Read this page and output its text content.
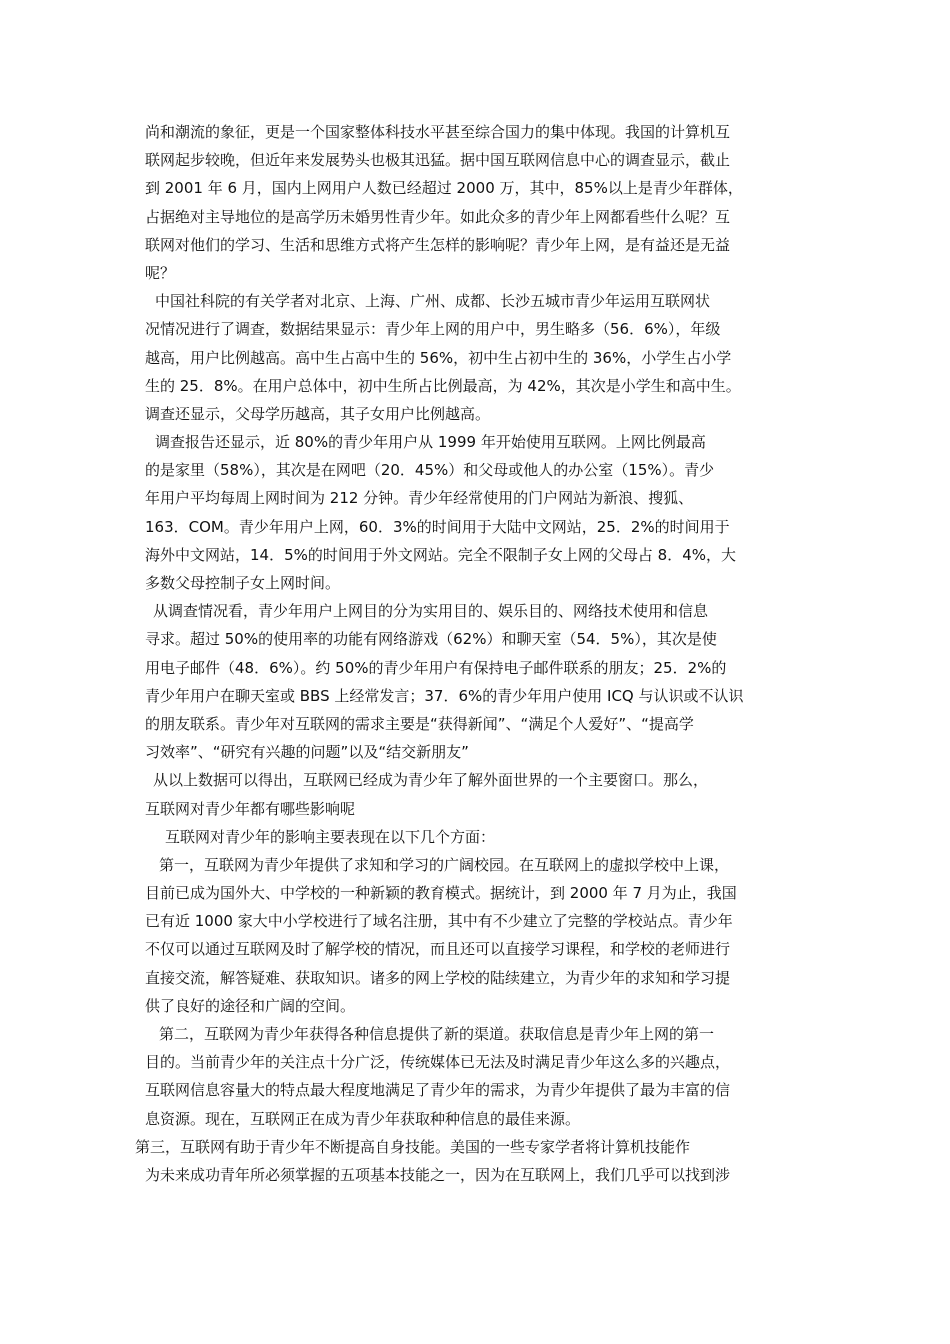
尚和潮流的象征，更是一个国家整体科技水平甚至综合国力的集中体现。我国的计算机互
联网起步较晚，但近年来发展势头也极其迅猛。据中国互联网信息中心的调查显示，截止
到 2001 年 6 月，国内上网用户人数已经超过 2000 万，其中，85%以上是青少年群体，
占据绝对主导地位的是高学历未婚男性青少年。如此众多的青少年上网都看些什么呢？互
联网对他们的学习、生活和思维方式将产生怎样的影响呢？青少年上网，是有益还是无益
呢？
中国社科院的有关学者对北京、上海、广州、成都、长沙五城市青少年运用互联网状
况情况进行了调查，数据结果显示：青少年上网的用户中，男生略多（56．6%），年级
越高，用户比例越高。高中生占高中生的 56%，初中生占初中生的 36%，小学生占小学
生的 25．8%。在用户总体中，初中生所占比例最高，为 42%，其次是小学生和高中生。
调查还显示，父母学历越高，其子女用户比例越高。
调查报告还显示，近 80%的青少年用户从 1999 年开始使用互联网。上网比例最高
的是家里（58%），其次是在网吧（20．45%）和父母或他人的办公室（15%）。青少
年用户平均每周上网时间为 212 分钟。青少年经常使用的门户网站为新浪、搜狐、
163．COM。青少年用户上网，60．3%的时间用于大陆中文网站，25．2%的时间用于
海外中文网站，14．5%的时间用于外文网站。完全不限制子女上网的父母占 8．4%，大
多数父母控制子女上网时间。
从调查情况看，青少年用户上网目的分为实用目的、娱乐目的、网络技术使用和信息
寻求。超过 50%的使用率的功能有网络游戏（62%）和聊天室（54．5%），其次是使
用电子邮件（48．6%）。约 50%的青少年用户有保持电子邮件联系的朋友；25．2%的
青少年用户在聊天室或 BBS 上经常发言；37．6%的青少年用户使用 ICQ 与认识或不认识
的朋友联系。青少年对互联网的需求主要是“获得新闻”、“满足个人爱好”、“提高学
习效率”、“研究有兴趣的问题”以及“结交新朋友”
从以上数据可以得出，互联网已经成为青少年了解外面世界的一个主要窗口。那么，
互联网对青少年都有哪些影响呢
互联网对青少年的影响主要表现在以下几个方面：
第一，互联网为青少年提供了求知和学习的广阔校园。在互联网上的虚拟学校中上课，
目前已成为国外大、中学校的一种新颖的教育模式。据统计，到 2000 年 7 月为止，我国
已有近 1000 家大中小学校进行了域名注册，其中有不少建立了完整的学校站点。青少年
不仅可以通过互联网及时了解学校的情况，而且还可以直接学习课程，和学校的老师进行
直接交流，解答疑难、获取知识。诸多的网上学校的陆续建立，为青少年的求知和学习提
供了良好的途径和广阔的空间。
第二，互联网为青少年获得各种信息提供了新的渠道。获取信息是青少年上网的第一
目的。当前青少年的关注点十分广泛，传统媒体已无法及时满足青少年这么多的兴趣点，
互联网信息容量大的特点最大程度地满足了青少年的需求，为青少年提供了最为丰富的信
息资源。现在，互联网正在成为青少年获取种种信息的最佳来源。
第三，互联网有助于青少年不断提高自身技能。美国的一些专家学者将计算机技能作
为未来成功青年所必须掌握的五项基本技能之一，因为在互联网上，我们几乎可以找到涉
